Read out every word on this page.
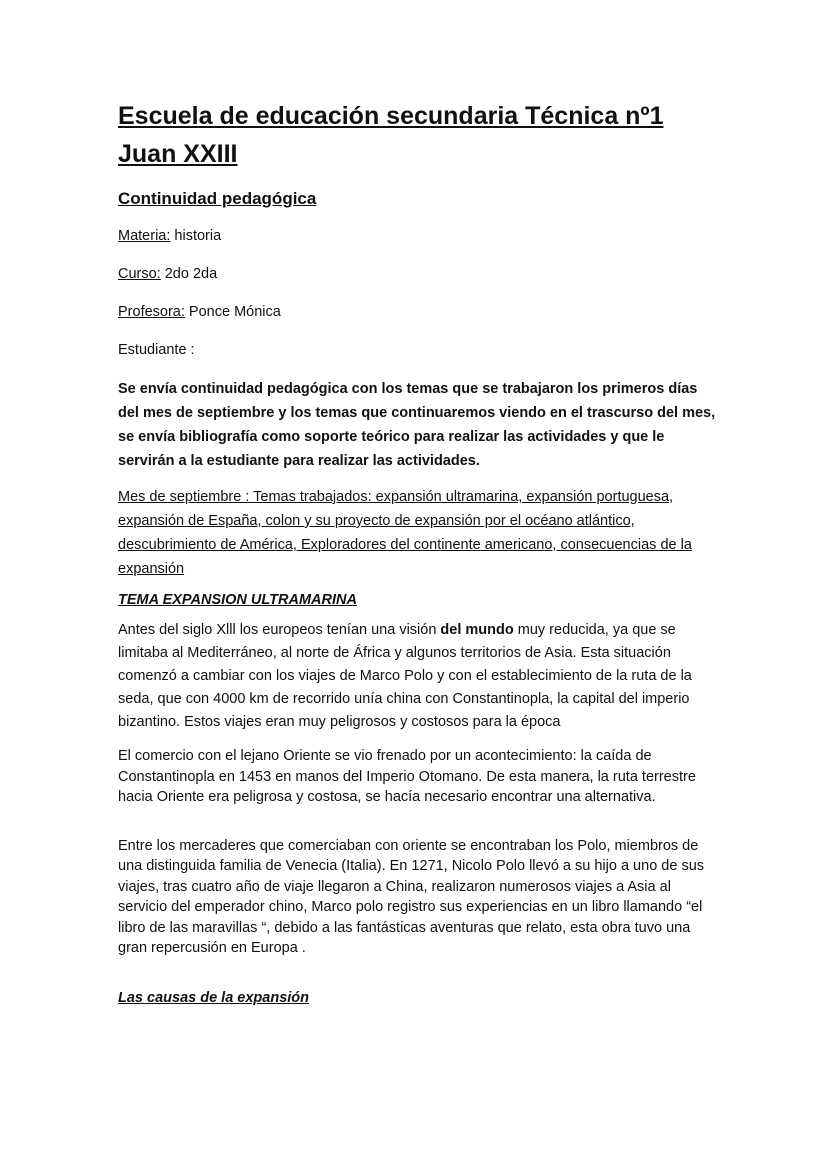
Escuela de educación secundaria Técnica nº1 Juan XXIII
Continuidad pedagógica

Materia: historia

Curso: 2do 2da

Profesora: Ponce Mónica

Estudiante :

Se envía continuidad pedagógica con los temas que se trabajaron los primeros días del mes de septiembre y los temas que continuaremos viendo en el trascurso del mes, se envía bibliografía como soporte teórico para realizar las actividades y que le servirán a la estudiante para realizar las actividades.

Mes de septiembre : Temas trabajados: expansión ultramarina, expansión portuguesa, expansión de España, colon y su proyecto de expansión por el océano atlántico, descubrimiento de América, Exploradores del continente americano, consecuencias de la expansión

TEMA EXPANSION ULTRAMARINA

Antes del siglo Xlll los europeos tenían una visión del mundo muy reducida, ya que se limitaba al Mediterráneo, al norte de África y algunos territorios de Asia. Esta situación comenzó a cambiar con los viajes de Marco Polo y con el establecimiento de la ruta de la seda, que con 4000 km de recorrido unía china con Constantinopla, la capital del imperio bizantino. Estos viajes eran muy peligrosos y costosos para la época

El comercio con el lejano Oriente se vio frenado por un acontecimiento: la caída de Constantinopla en 1453 en manos del Imperio Otomano. De esta manera, la ruta terrestre hacia Oriente era peligrosa y costosa, se hacía necesario encontrar una alternativa.

Entre los mercaderes que comerciaban con oriente se encontraban los Polo, miembros de una distinguida familia de Venecia (Italia). En 1271, Nicolo Polo llevó a su hijo a uno de sus viajes, tras cuatro año de viaje llegaron a China, realizaron numerosos viajes a Asia al servicio del emperador chino, Marco polo registro sus experiencias en un libro llamando “el libro de las maravillas “, debido a las fantásticas aventuras que relato, esta obra tuvo una gran repercusión en Europa .

Las causas de la expansión
